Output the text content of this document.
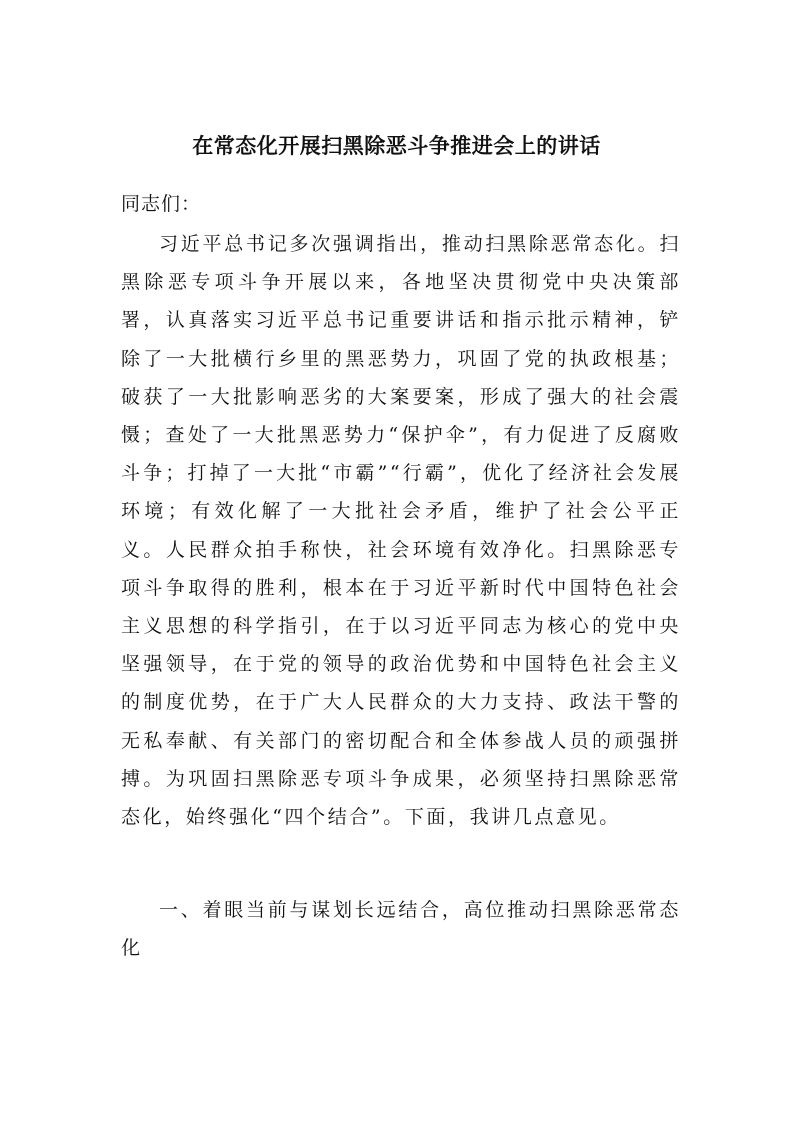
在常态化开展扫黑除恶斗争推进会上的讲话
同志们：
习近平总书记多次强调指出，推动扫黑除恶常态化。扫黑除恶专项斗争开展以来，各地坚决贯彻党中央决策部署，认真落实习近平总书记重要讲话和指示批示精神，铲除了一大批横行乡里的黑恶势力，巩固了党的执政根基；破获了一大批影响恶劣的大案要案，形成了强大的社会震慑；查处了一大批黑恶势力“保护伞”，有力促进了反腐败斗争；打掉了一大批“市霸”“行霸”，优化了经济社会发展环境；有效化解了一大批社会矛盾，维护了社会公平正义。人民群众拍手称快，社会环境有效净化。扫黑除恶专项斗争取得的胜利，根本在于习近平新时代中国特色社会主义思想的科学指引，在于以习近平同志为核心的党中央坚强领导，在于党的领导的政治优势和中国特色社会主义的制度优势，在于广大人民群众的大力支持、政法干警的无私奉献、有关部门的密切配合和全体参战人员的顽强拼搏。为巩固扫黑除恶专项斗争成果，必须坚持扫黑除恶常态化，始终强化“四个结合”。下面，我讲几点意见。
一、着眼当前与谋划长远结合，高位推动扫黑除恶常态化
